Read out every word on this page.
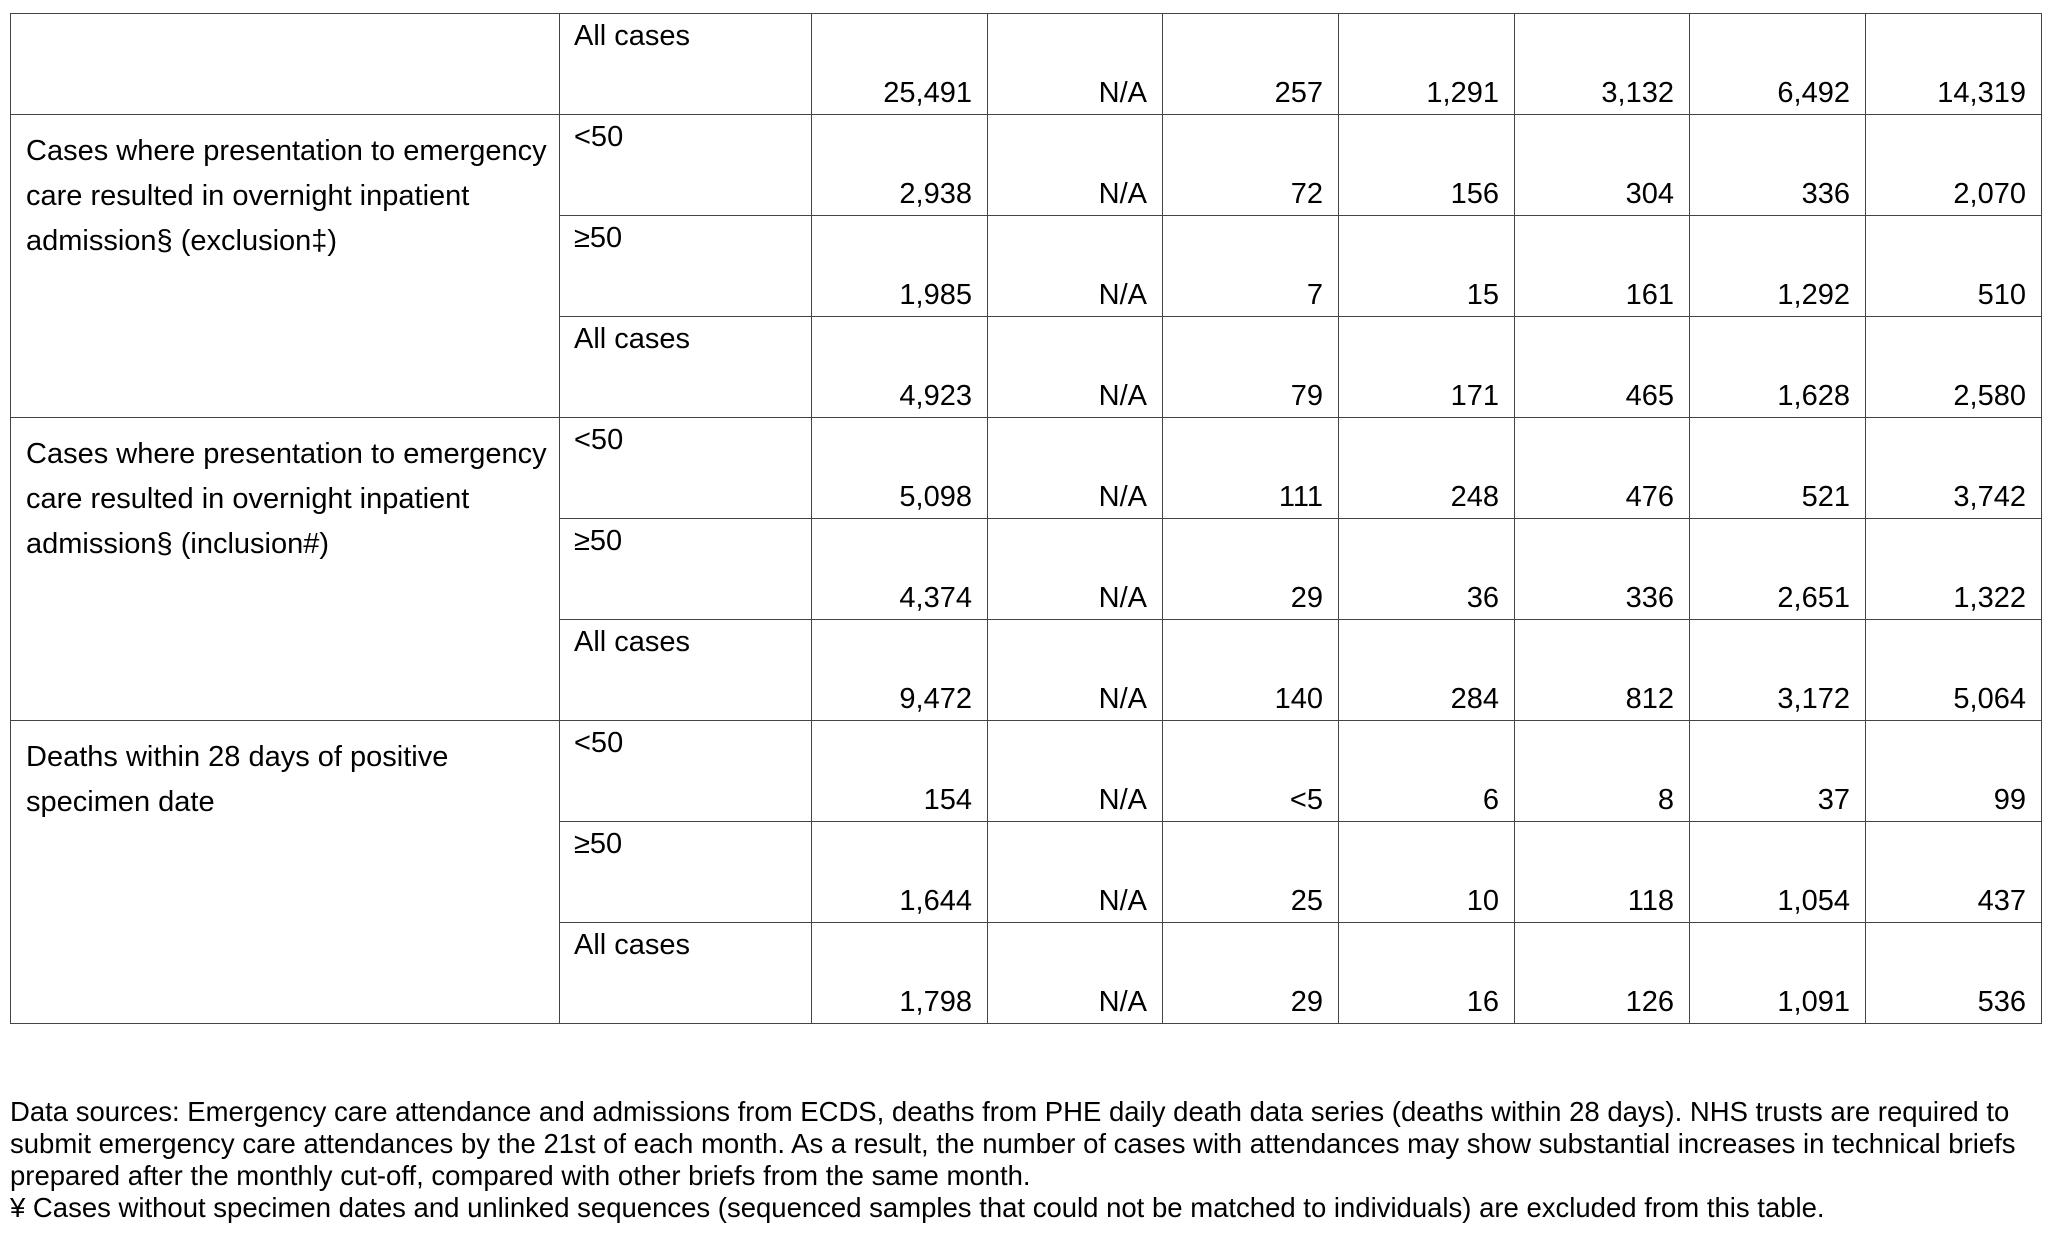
	All cases	25,491	N/A	257	1,291	3,132	6,492	14,319
Cases where presentation to emergency care resulted in overnight inpatient admission§ (exclusion‡)	<50	2,938	N/A	72	156	304	336	2,070
	≥50	1,985	N/A	7	15	161	1,292	510
	All cases	4,923	N/A	79	171	465	1,628	2,580
Cases where presentation to emergency care resulted in overnight inpatient admission§ (inclusion#)	<50	5,098	N/A	111	248	476	521	3,742
	≥50	4,374	N/A	29	36	336	2,651	1,322
	All cases	9,472	N/A	140	284	812	3,172	5,064
Deaths within 28 days of positive specimen date	<50	154	N/A	<5	6	8	37	99
	≥50	1,644	N/A	25	10	118	1,054	437
	All cases	1,798	N/A	29	16	126	1,091	536

Data sources: Emergency care attendance and admissions from ECDS, deaths from PHE daily death data series (deaths within 28 days). NHS trusts are required to submit emergency care attendances by the 21st of each month. As a result, the number of cases with attendances may show substantial increases in technical briefs prepared after the monthly cut-off, compared with other briefs from the same month.

¥ Cases without specimen dates and unlinked sequences (sequenced samples that could not be matched to individuals) are excluded from this table.
